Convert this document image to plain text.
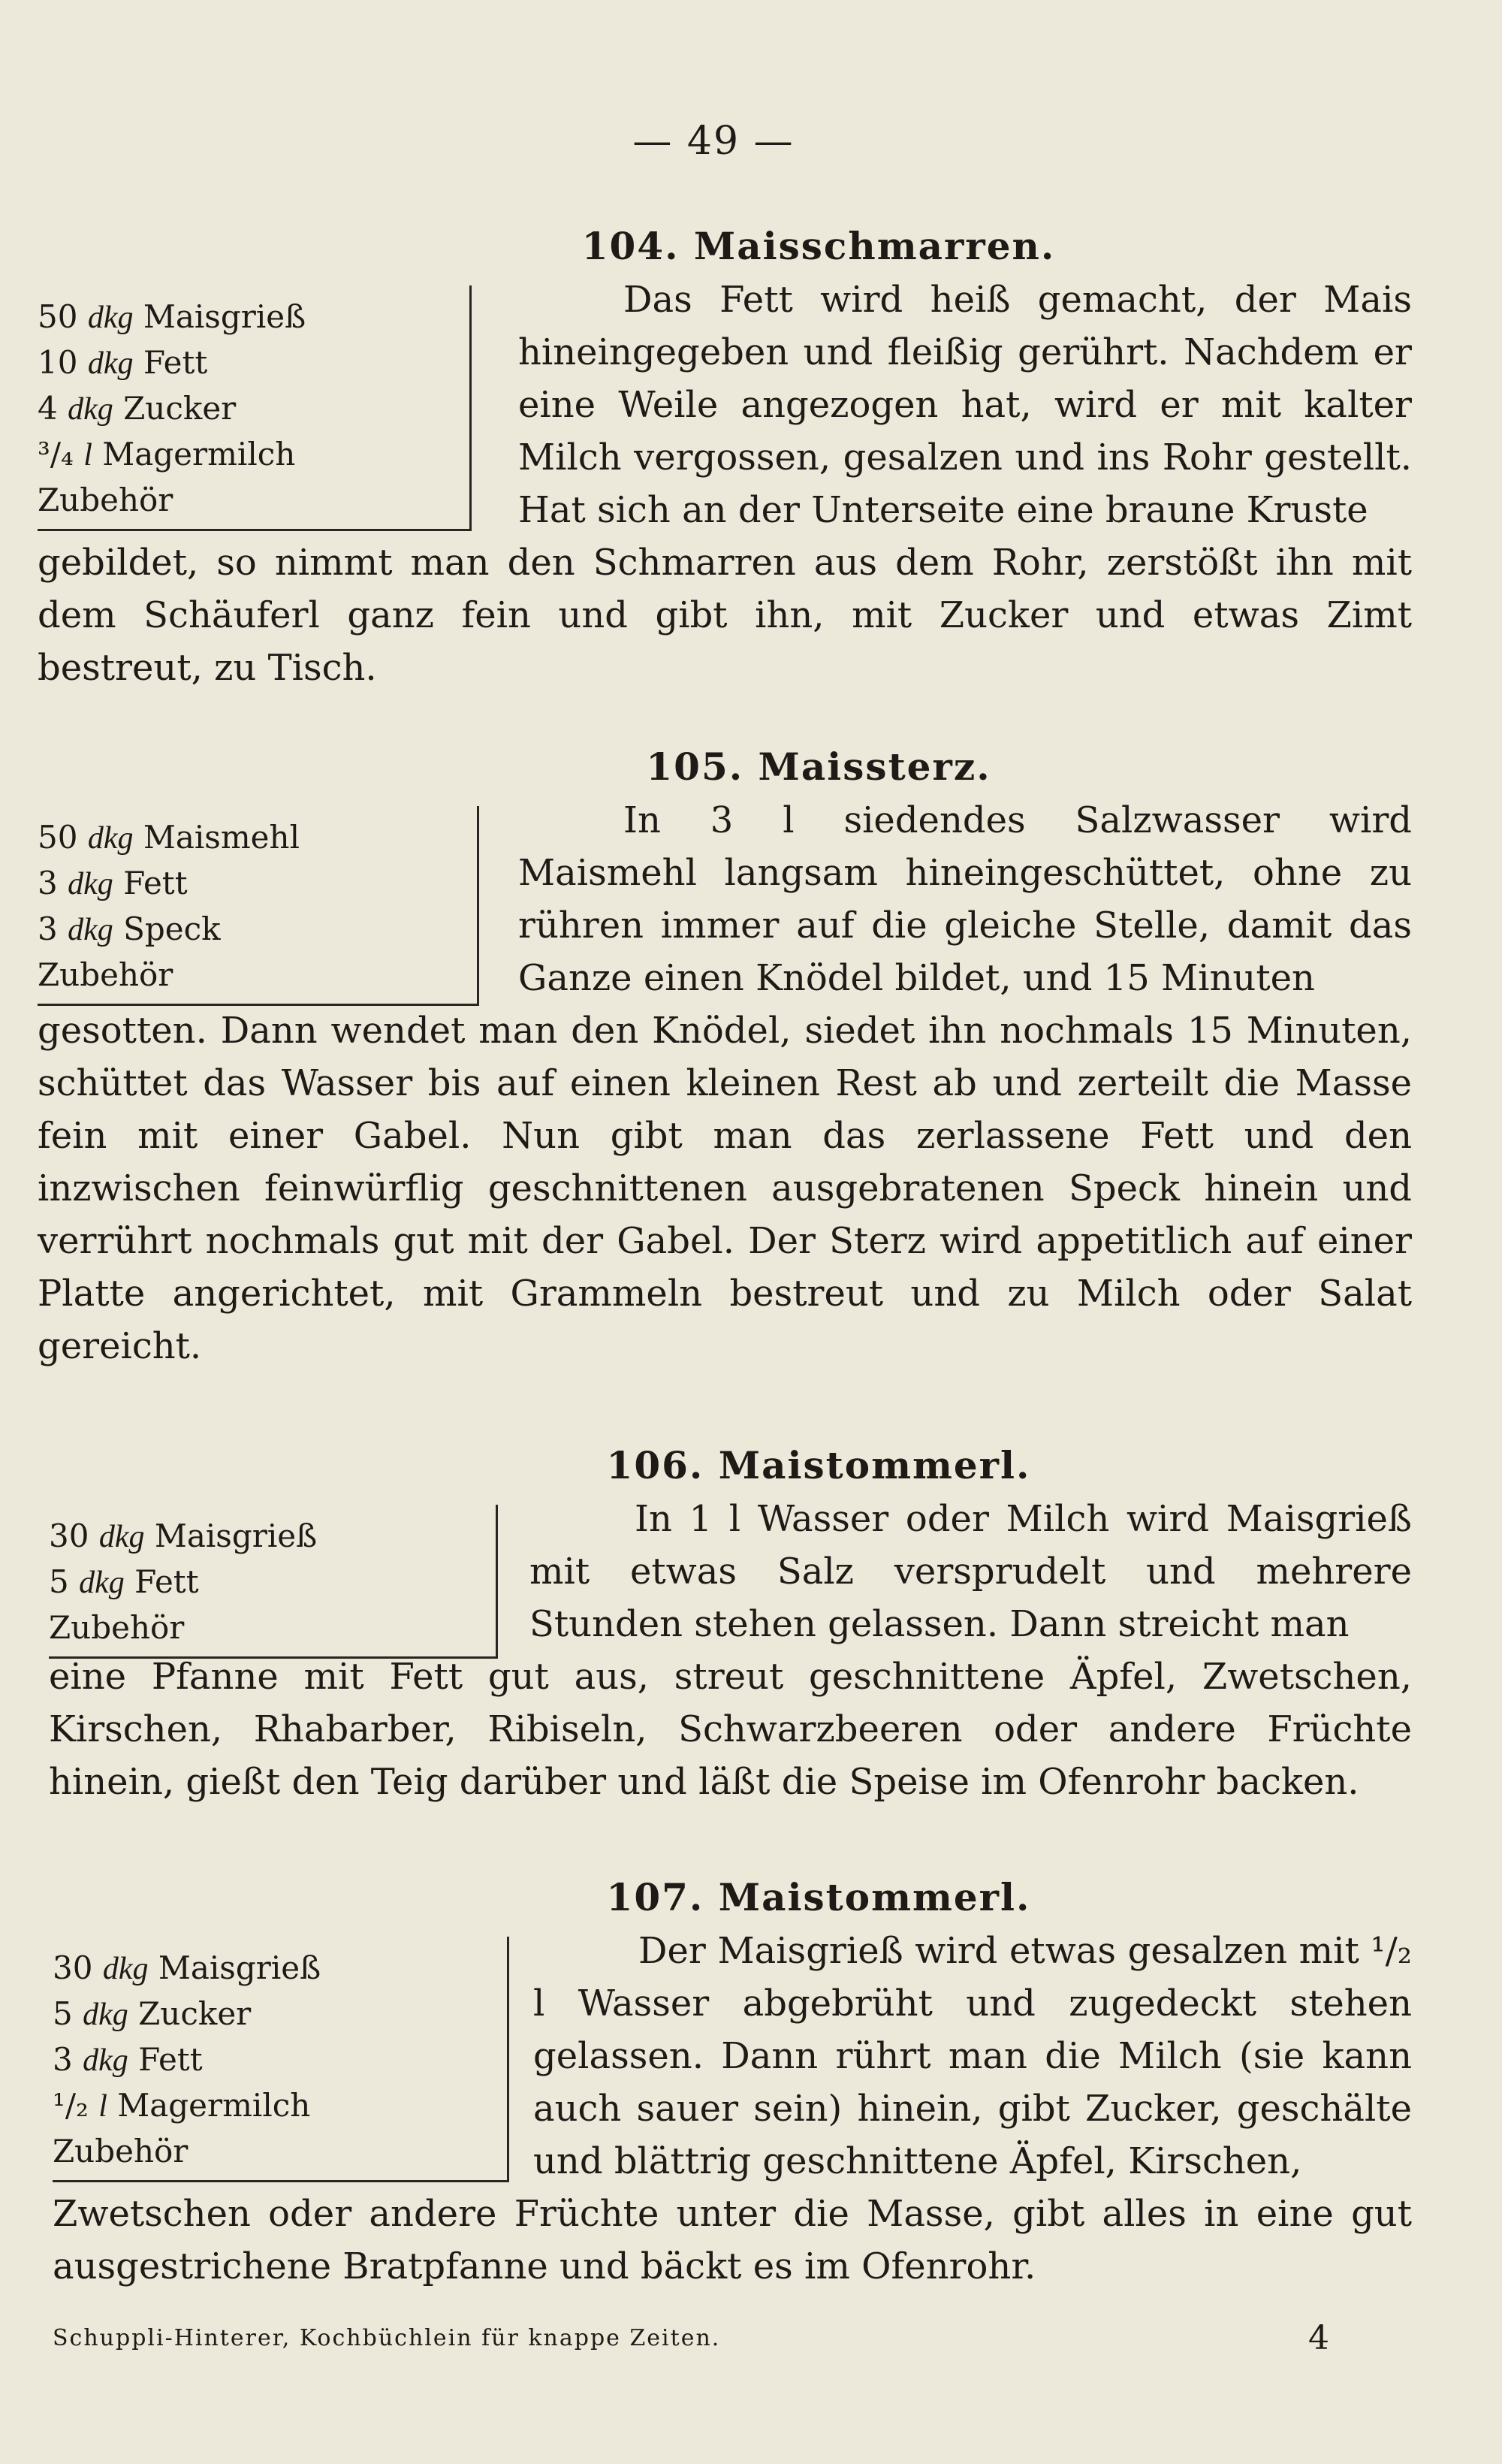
— 49 —
104. Maisschmarren.
50 dkg Maisgrieß
10 dkg Fett
4 dkg Zucker
³/₄ l Magermilch
Zubehör
Das Fett wird heiß gemacht, der Mais hineingegeben und fleißig gerührt. Nachdem er eine Weile angezogen hat, wird er mit kalter Milch vergossen, gesalzen und ins Rohr gestellt. Hat sich an der Unterseite eine braune Kruste
gebildet, so nimmt man den Schmarren aus dem Rohr, zerstößt ihn mit dem Schäuferl ganz fein und gibt ihn, mit Zucker und etwas Zimt bestreut, zu Tisch.
105. Maissterz.
50 dkg Maismehl
3 dkg Fett
3 dkg Speck
Zubehör
In 3 l siedendes Salzwasser wird Maismehl langsam hineingeschüttet, ohne zu rühren immer auf die gleiche Stelle, damit das Ganze einen Knödel bildet, und 15 Minuten
gesotten. Dann wendet man den Knödel, siedet ihn nochmals 15 Minuten, schüttet das Wasser bis auf einen kleinen Rest ab und zerteilt die Masse fein mit einer Gabel. Nun gibt man das zerlassene Fett und den inzwischen feinwürflig geschnittenen ausgebratenen Speck hinein und verrührt nochmals gut mit der Gabel. Der Sterz wird appetitlich auf einer Platte angerichtet, mit Grammeln bestreut und zu Milch oder Salat gereicht.
106. Maistommerl.
30 dkg Maisgrieß
5 dkg Fett
Zubehör
In 1 l Wasser oder Milch wird Maisgrieß mit etwas Salz versprudelt und mehrere Stunden stehen gelassen. Dann streicht man
eine Pfanne mit Fett gut aus, streut geschnittene Äpfel, Zwetschen, Kirschen, Rhabarber, Ribiseln, Schwarzbeeren oder andere Früchte hinein, gießt den Teig darüber und läßt die Speise im Ofenrohr backen.
107. Maistommerl.
30 dkg Maisgrieß
5 dkg Zucker
3 dkg Fett
¹/₂ l Magermilch
Zubehör
Der Maisgrieß wird etwas gesalzen mit ¹/₂ l Wasser abgebrüht und zugedeckt stehen gelassen. Dann rührt man die Milch (sie kann auch sauer sein) hinein, gibt Zucker, geschälte und blättrig geschnittene Äpfel, Kirschen,
Zwetschen oder andere Früchte unter die Masse, gibt alles in eine gut ausgestrichene Bratpfanne und bäckt es im Ofenrohr.
Schuppli-Hinterer, Kochbüchlein für knappe Zeiten.	4
